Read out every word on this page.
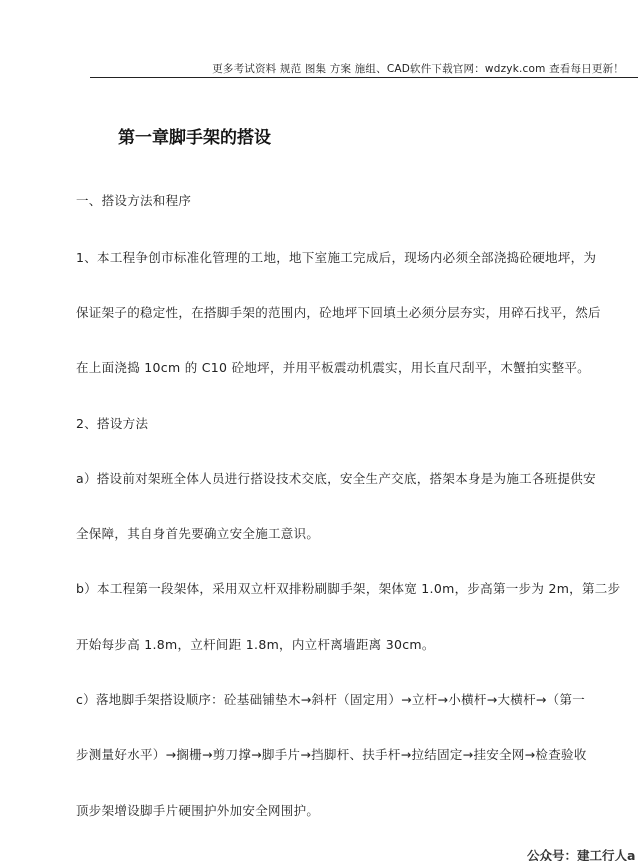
更多考试资料 规范 图集 方案 施组、CAD软件下载官网：wdzyk.com 查看每日更新！
第一章脚手架的搭设
一、搭设方法和程序
1、本工程争创市标准化管理的工地，地下室施工完成后，现场内必须全部浇捣砼硬地坪，为
保证架子的稳定性，在搭脚手架的范围内，砼地坪下回填土必须分层夯实，用碎石找平，然后
在上面浇捣 10cm 的 C10 砼地坪，并用平板震动机震实，用长直尺刮平，木蟹拍实整平。
2、搭设方法
a）搭设前对架班全体人员进行搭设技术交底，安全生产交底，搭架本身是为施工各班提供安
全保障，其自身首先要确立安全施工意识。
b）本工程第一段架体，采用双立杆双排粉刷脚手架，架体宽 1.0m，步高第一步为 2m，第二步
开始每步高 1.8m，立杆间距 1.8m，内立杆离墙距离 30cm。
c）落地脚手架搭设顺序：砼基础铺垫木→斜杆（固定用）→立杆→小横杆→大横杆→（第一
步测量好水平）→搁栅→剪刀撑→脚手片→挡脚杆、扶手杆→拉结固定→挂安全网→检查验收
顶步架增设脚手片硬围护外加安全网围护。
公众号：建工行人a
